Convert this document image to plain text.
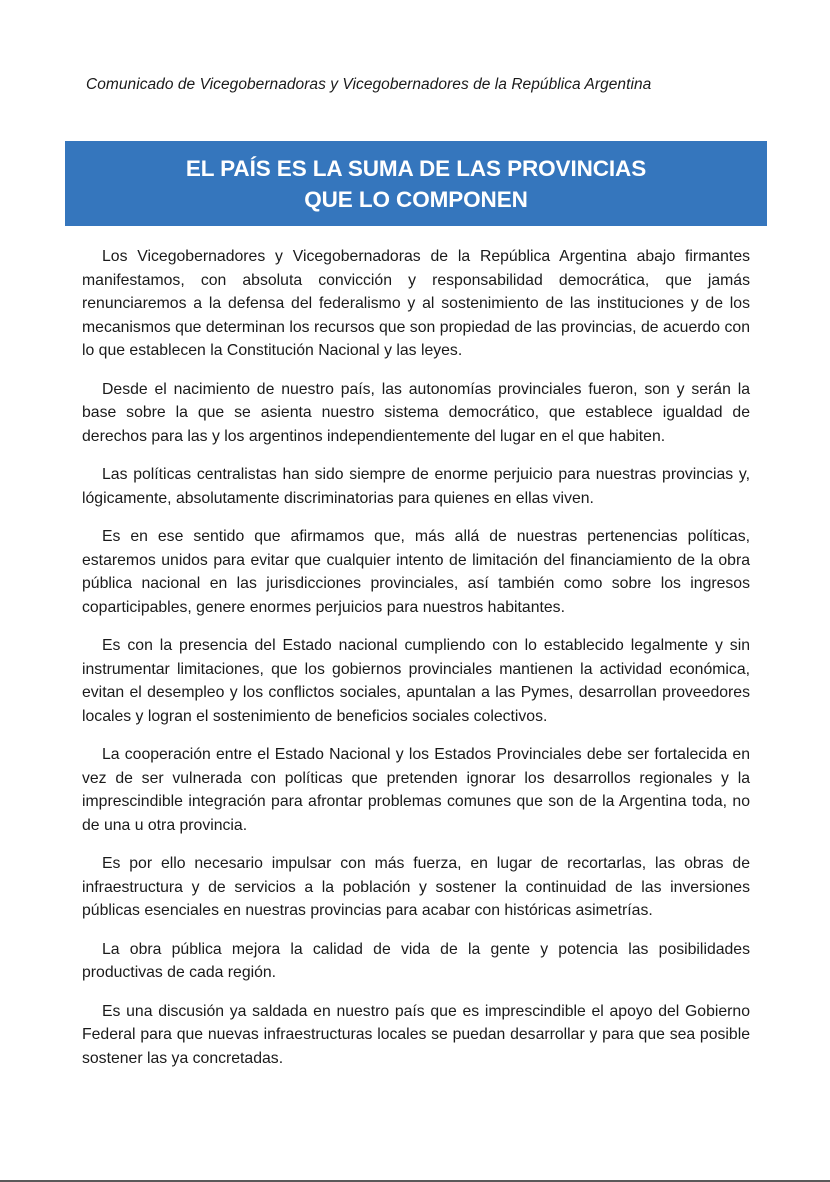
Comunicado de Vicegobernadoras y Vicegobernadores de la República Argentina
EL PAÍS ES LA SUMA DE LAS PROVINCIAS
QUE LO COMPONEN

Los Vicegobernadores y Vicegobernadoras de la República Argentina abajo firmantes manifestamos, con absoluta convicción y responsabilidad democrática, que jamás renunciaremos a la defensa del federalismo y al sostenimiento de las instituciones y de los mecanismos que determinan los recursos que son propiedad de las provincias, de acuerdo con lo que establecen la Constitución Nacional y las leyes.

Desde el nacimiento de nuestro país, las autonomías provinciales fueron, son y serán la base sobre la que se asienta nuestro sistema democrático, que establece igualdad de derechos para las y los argentinos independientemente del lugar en el que habiten.

Las políticas centralistas han sido siempre de enorme perjuicio para nuestras provincias y, lógicamente, absolutamente discriminatorias para quienes en ellas viven.

Es en ese sentido que afirmamos que, más allá de nuestras pertenencias políticas, estaremos unidos para evitar que cualquier intento de limitación del financiamiento de la obra pública nacional en las jurisdicciones provinciales, así también como sobre los ingresos coparticipables, genere enormes perjuicios para nuestros habitantes.

Es con la presencia del Estado nacional cumpliendo con lo establecido legalmente y sin instrumentar limitaciones, que los gobiernos provinciales mantienen la actividad económica, evitan el desempleo y los conflictos sociales, apuntalan a las Pymes, desarrollan proveedores locales y logran el sostenimiento de beneficios sociales colectivos.

La cooperación entre el Estado Nacional y los Estados Provinciales debe ser fortalecida en vez de ser vulnerada con políticas que pretenden ignorar los desarrollos regionales y la imprescindible integración para afrontar problemas comunes que son de la Argentina toda, no de una u otra provincia.

Es por ello necesario impulsar con más fuerza, en lugar de recortarlas, las obras de infraestructura y de servicios a la población y sostener la continuidad de las inversiones públicas esenciales en nuestras provincias para acabar con históricas asimetrías.

La obra pública mejora la calidad de vida de la gente y potencia las posibilidades productivas de cada región.

Es una discusión ya saldada en nuestro país que es imprescindible el apoyo del Gobierno Federal para que nuevas infraestructuras locales se puedan desarrollar y para que sea posible sostener las ya concretadas.
